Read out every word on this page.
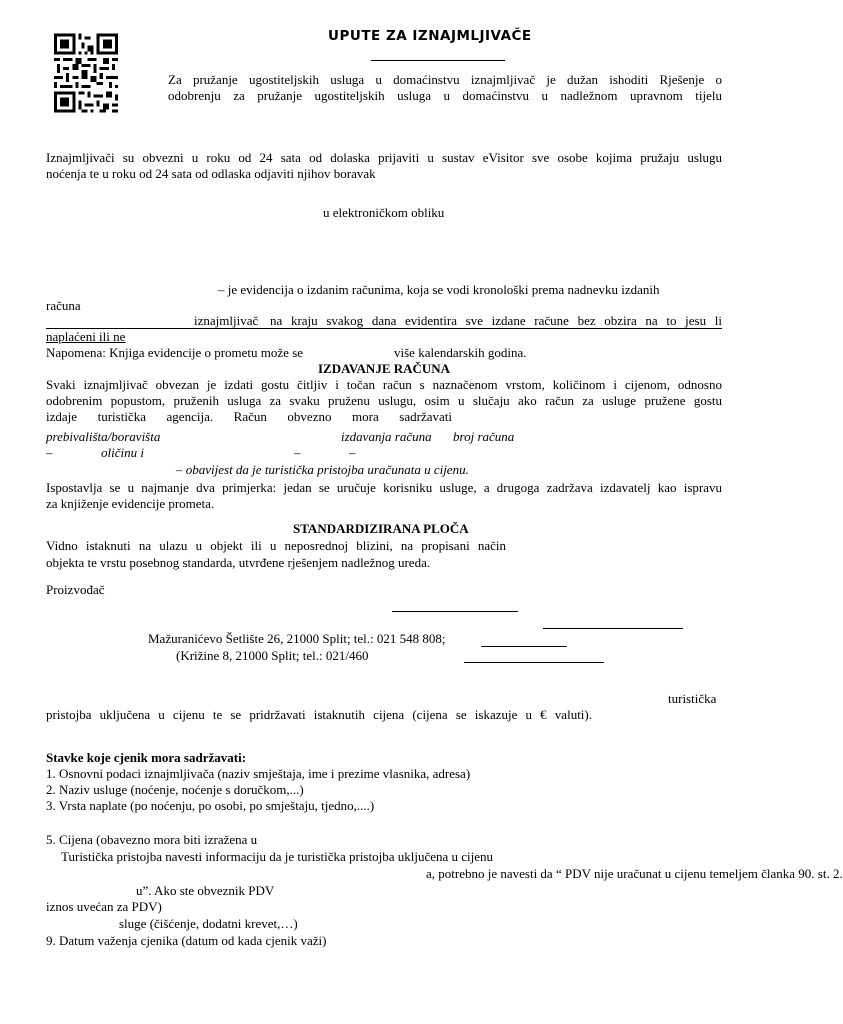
UPUTE ZA IZNAJMLJIVAČE
Za pružanje ugostiteljskih usluga u domaćinstvu iznajmljivač je dužan ishoditi Rješenje o
odobrenju za pružanje ugostiteljskih usluga u domaćinstvu u nadležnom upravnom tijelu
Iznajmljivači su obvezni u roku od 24 sata od dolaska prijaviti u sustav eVisitor sve osobe kojima pružaju uslugu
noćenja te u roku od 24 sata od odlaska odjaviti njihov boravak
u elektroničkom obliku
– je evidencija o izdanim računima, koja se vodi kronološki prema nadnevku izdanih
računa
iznajmljivač na kraju svakog dana evidentira sve izdane račune bez obzira na to jesu li
naplaćeni ili ne
Napomena: Knjiga evidencije o prometu može se	više kalendarskih godina.
IZDAVANJE RAČUNA
Svaki iznajmljivač obvezan je izdati gostu čitljiv i točan račun s naznačenom vrstom, količinom i cijenom, odnosno
odobrenim popustom, pruženih usluga za svaku pruženu uslugu, osim u slučaju ako račun za usluge pružene gostu
izdaje turistička agencija. Račun obvezno mora sadržavati
prebivališta/boravišta	izdavanja računa broj računa
–	oličinu i	–	–
– obavijest da je turistička pristojba uračunata u cijenu.
Ispostavlja se u najmanje dva primjerka: jedan se uručuje korisniku usluge, a drugoga zadržava izdavatelj kao ispravu
za knjiženje evidencije prometa.
STANDARDIZIRANA PLOČA
Vidno istaknuti na ulazu u objekt ili u neposrednoj blizini, na propisani način
objekta te vrstu posebnog standarda, utvrđene rješenjem nadležnog ureda.
Proizvođač
Mažuranićevo Šetlište 26, 21000 Split; tel.: 021 548 808;
(Križine 8, 21000 Split; tel.: 021/460
turistička
pristojba uključena u cijenu te se pridržavati istaknutih cijena (cijena se iskazuje u € valuti).
Stavke koje cjenik mora sadržavati:
1. Osnovni podaci iznajmljivača (naziv smještaja, ime i prezime vlasnika, adresa)
2. Naziv usluge (noćenje, noćenje s doručkom,...)
3. Vrsta naplate (po noćenju, po osobi, po smještaju, tjedno,....)
5. Cijena (obavezno mora biti izražena u
Turistička pristojba navesti informaciju da je turistička pristojba uključena u cijenu
a, potrebno je navesti da “ PDV nije uračunat u cijenu temeljem članka 90. st. 2.
u”. Ako ste obveznik PDV
iznos uvećan za PDV)
sluge (čišćenje, dodatni krevet,…)
9. Datum važenja cjenika (datum od kada cjenik važi)
